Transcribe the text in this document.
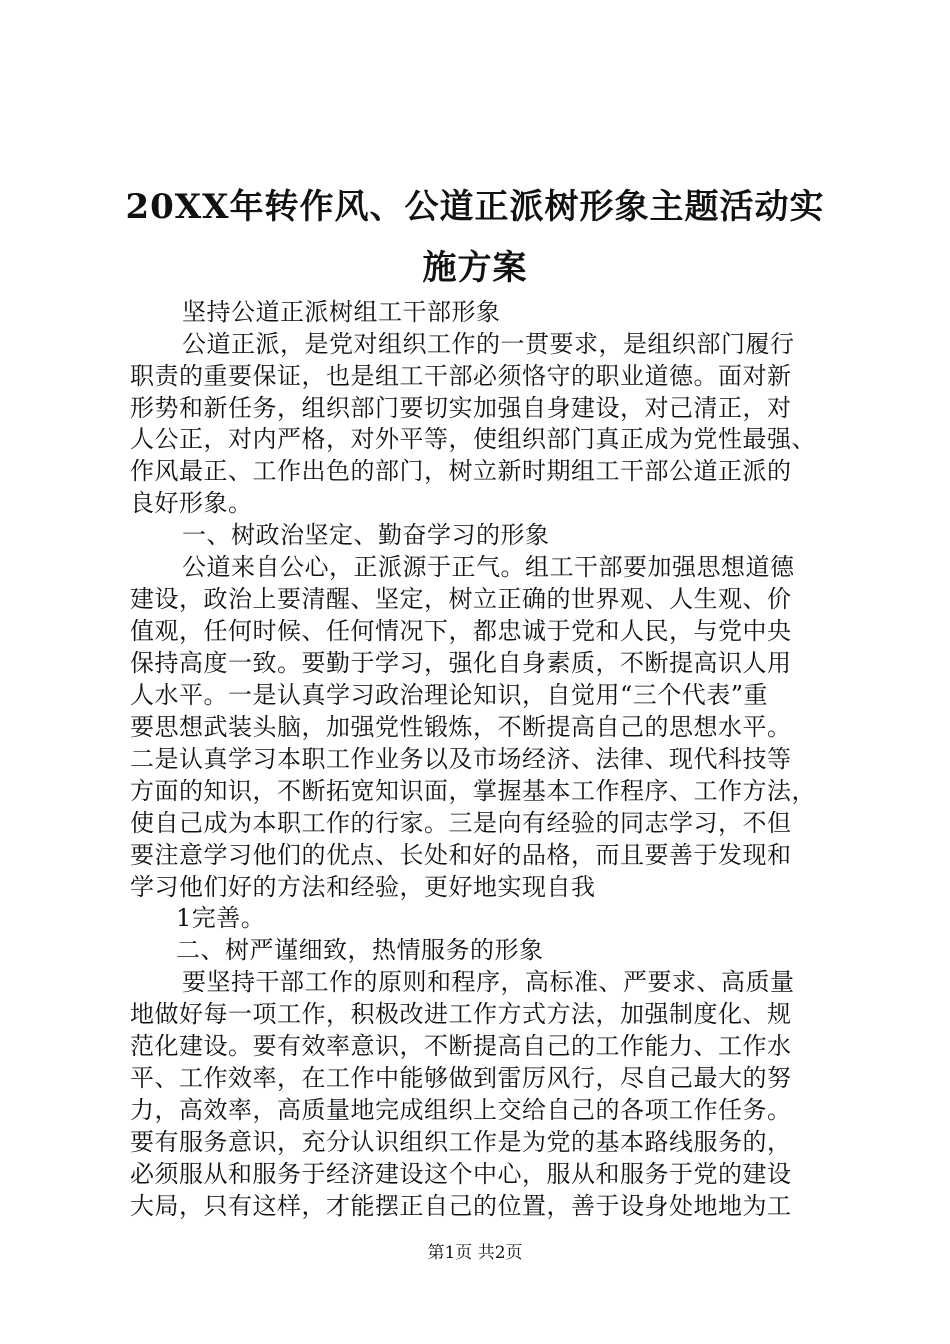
20XX年转作风、公道正派树形象主题活动实
施方案
坚持公道正派树组工干部形象
公道正派，是党对组织工作的一贯要求，是组织部门履行
职责的重要保证，也是组工干部必须恪守的职业道德。面对新
形势和新任务，组织部门要切实加强自身建设，对己清正，对
人公正，对内严格，对外平等，使组织部门真正成为党性最强、
作风最正、工作出色的部门，树立新时期组工干部公道正派的
良好形象。
一、树政治坚定、勤奋学习的形象
公道来自公心，正派源于正气。组工干部要加强思想道德
建设，政治上要清醒、坚定，树立正确的世界观、人生观、价
值观，任何时候、任何情况下，都忠诚于党和人民，与党中央
保持高度一致。要勤于学习，强化自身素质，不断提高识人用
人水平。一是认真学习政治理论知识，自觉用“三个代表”重
要思想武装头脑，加强党性锻炼，不断提高自己的思想水平。
二是认真学习本职工作业务以及市场经济、法律、现代科技等
方面的知识，不断拓宽知识面，掌握基本工作程序、工作方法，
使自己成为本职工作的行家。三是向有经验的同志学习，不但
要注意学习他们的优点、长处和好的品格，而且要善于发现和
学习他们好的方法和经验，更好地实现自我
1完善。
二、树严谨细致，热情服务的形象
要坚持干部工作的原则和程序，高标准、严要求、高质量
地做好每一项工作，积极改进工作方式方法，加强制度化、规
范化建设。要有效率意识，不断提高自己的工作能力、工作水
平、工作效率，在工作中能够做到雷厉风行，尽自己最大的努
力，高效率，高质量地完成组织上交给自己的各项工作任务。
要有服务意识，充分认识组织工作是为党的基本路线服务的，
必须服从和服务于经济建设这个中心，服从和服务于党的建设
大局，只有这样，才能摆正自己的位置，善于设身处地地为工
第1页 共2页
